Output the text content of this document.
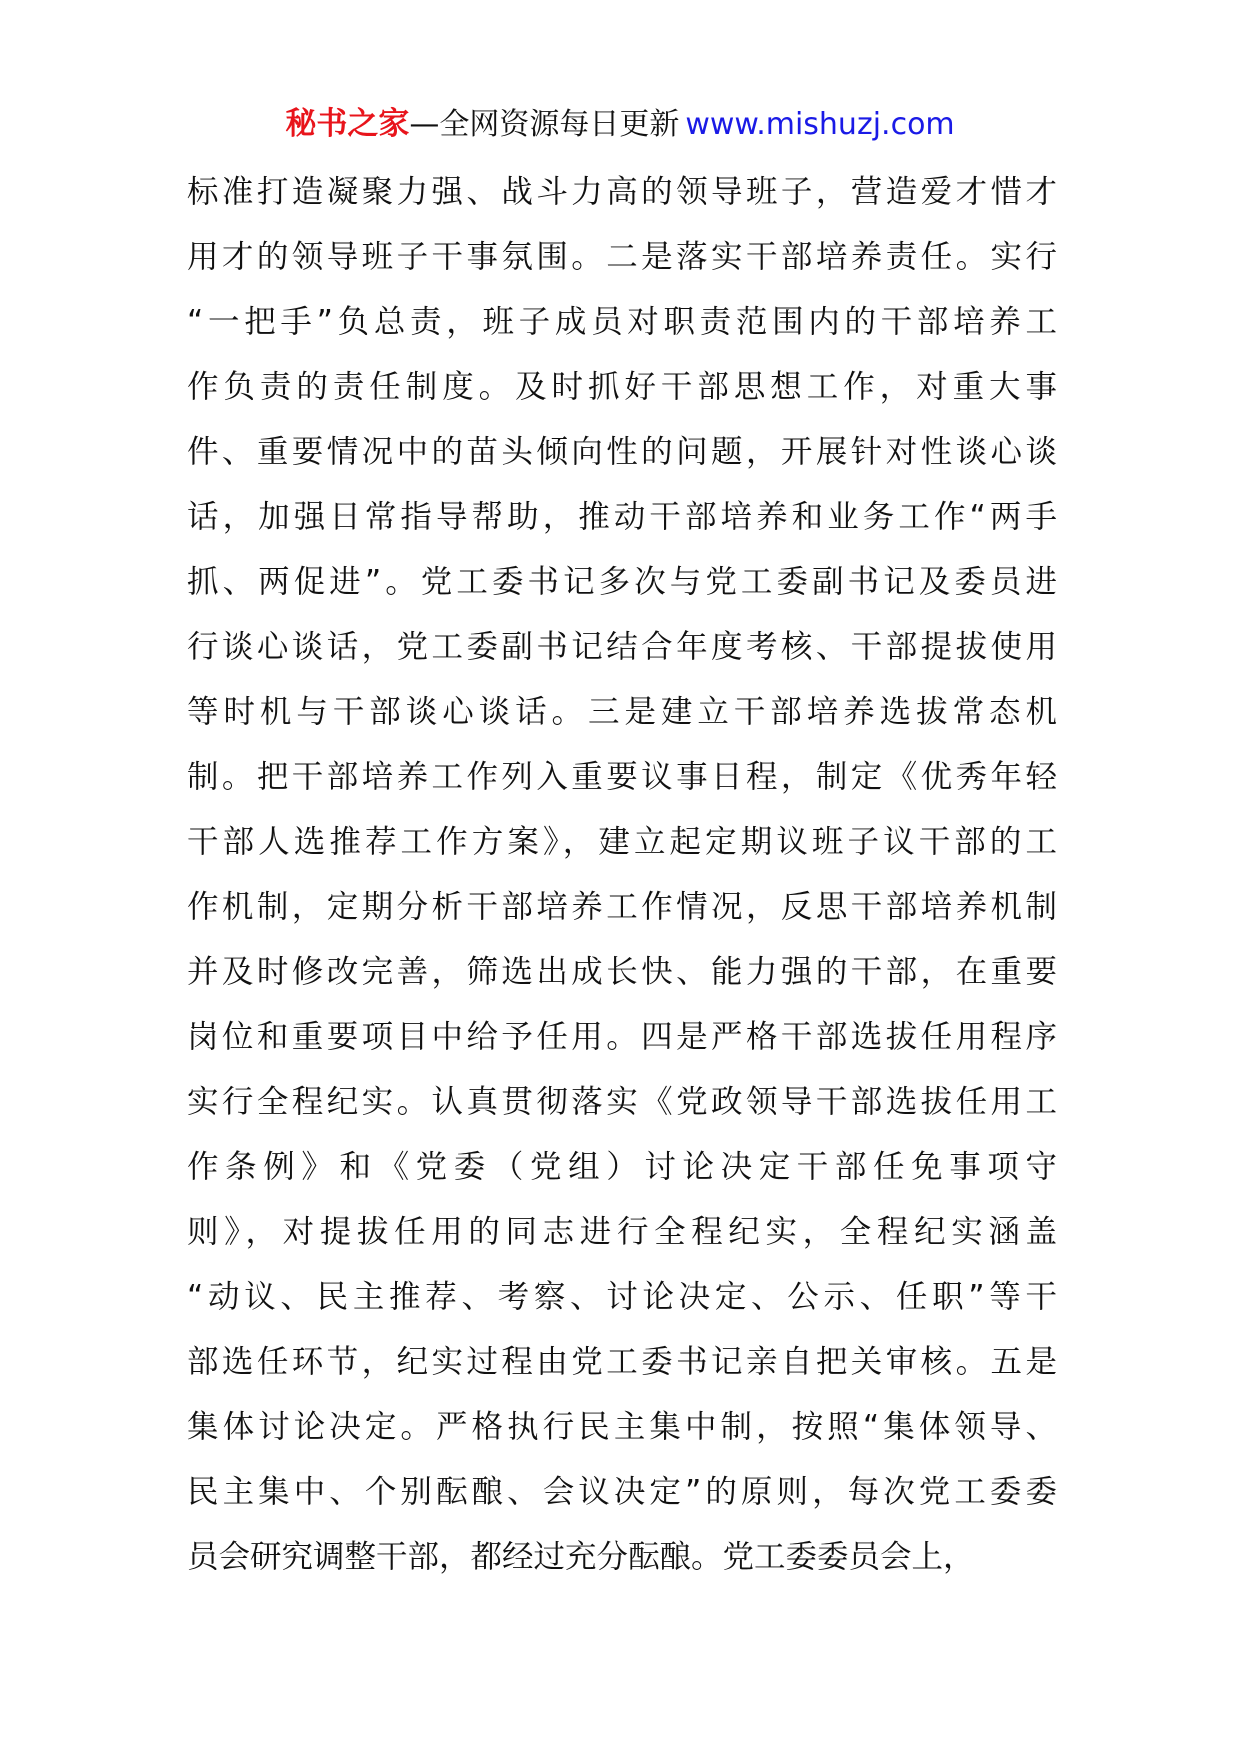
秘书之家—全网资源每日更新 www.mishuzj.com
标准打造凝聚力强、战斗力高的领导班子，营造爱才惜才
用才的领导班子干事氛围。二是落实干部培养责任。实行
“一把手”负总责，班子成员对职责范围内的干部培养工
作负责的责任制度。及时抓好干部思想工作，对重大事
件、重要情况中的苗头倾向性的问题，开展针对性谈心谈
话，加强日常指导帮助，推动干部培养和业务工作“两手
抓、两促进”。党工委书记多次与党工委副书记及委员进
行谈心谈话，党工委副书记结合年度考核、干部提拔使用
等时机与干部谈心谈话。三是建立干部培养选拔常态机
制。把干部培养工作列入重要议事日程，制定《优秀年轻
干部人选推荐工作方案》，建立起定期议班子议干部的工
作机制，定期分析干部培养工作情况，反思干部培养机制
并及时修改完善，筛选出成长快、能力强的干部，在重要
岗位和重要项目中给予任用。四是严格干部选拔任用程序
实行全程纪实。认真贯彻落实《党政领导干部选拔任用工
作条例》和《党委（党组）讨论决定干部任免事项守
则》，对提拔任用的同志进行全程纪实，全程纪实涵盖
“动议、民主推荐、考察、讨论决定、公示、任职”等干
部选任环节，纪实过程由党工委书记亲自把关审核。五是
集体讨论决定。严格执行民主集中制，按照“集体领导、
民主集中、个别酝酿、会议决定”的原则，每次党工委委
员会研究调整干部，都经过充分酝酿。党工委委员会上，
